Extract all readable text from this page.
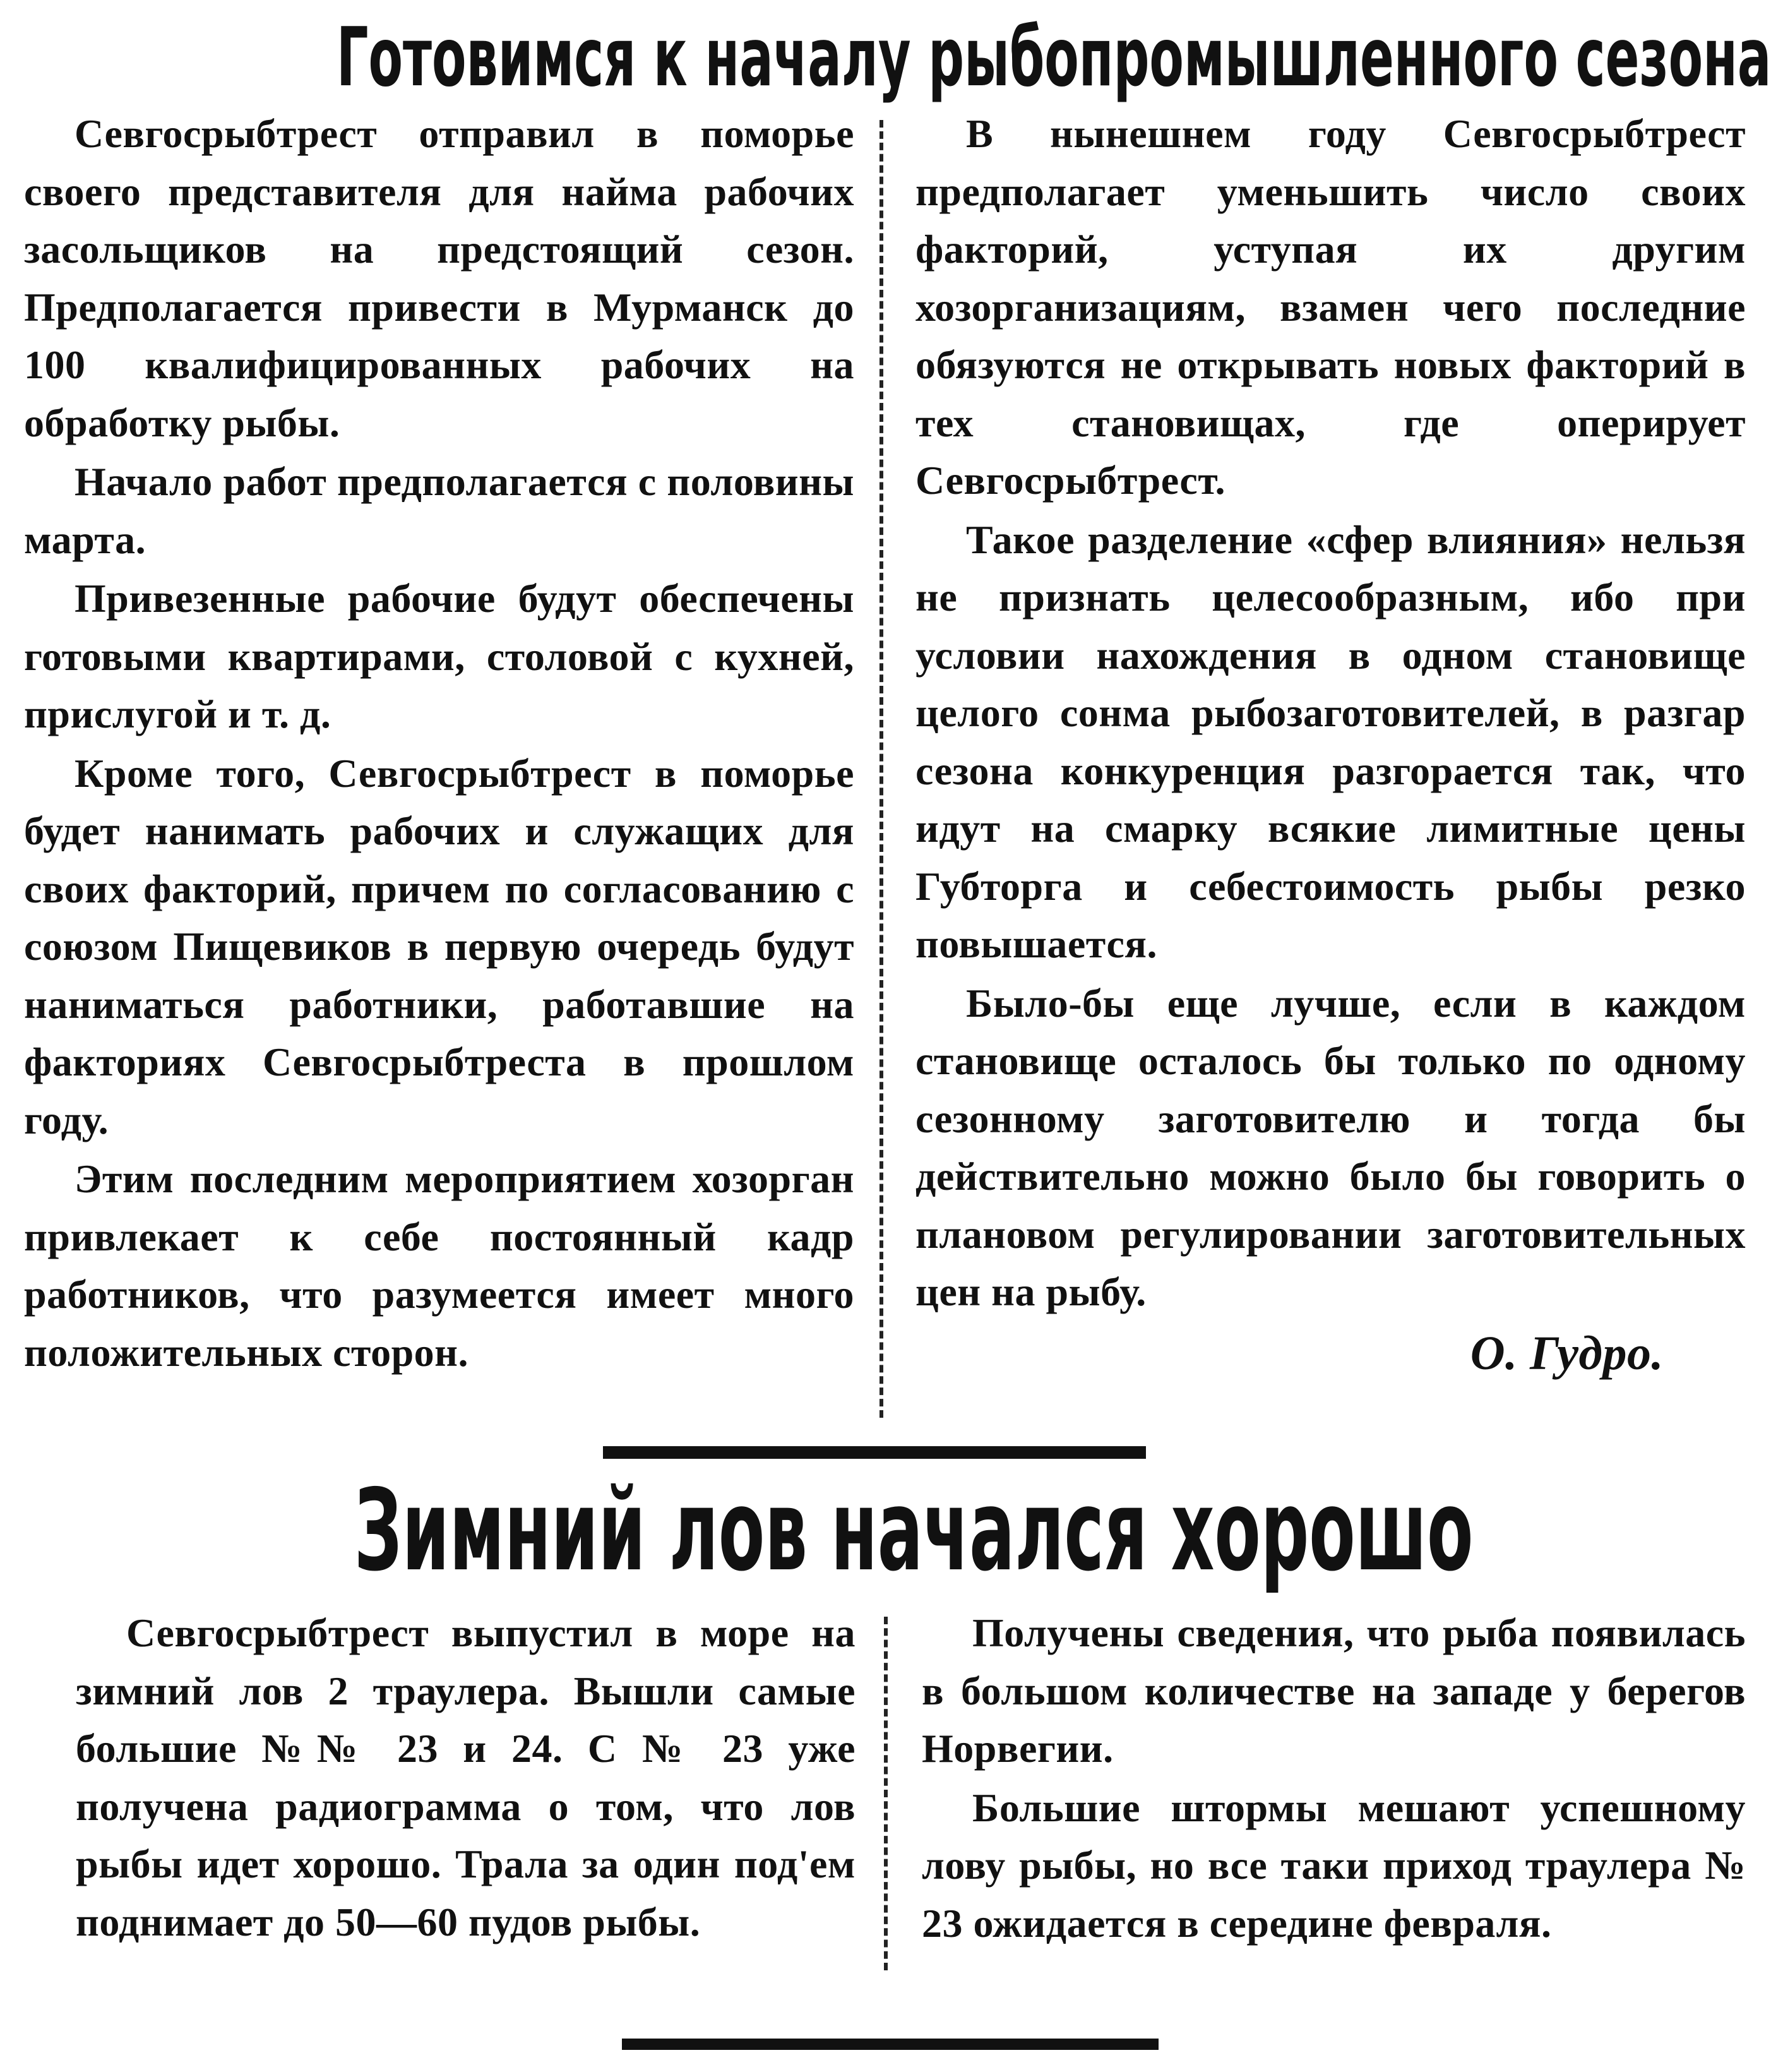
Готовимся к началу рыбопромышленного сезона

Севгосрыбтрест отправил в поморье своего представителя для найма рабочих засольщиков на предстоящий сезон. Предполагается привести в Мурманск до 100 квалифицированных рабочих на обработку рыбы.

Начало работ предполагается с половины марта.

Привезенные рабочие будут обеспечены готовыми квартирами, столовой с кухней, прислугой и т. д.

Кроме того, Севгосрыбтрест в поморье будет нанимать рабочих и служащих для своих факторий, причем по согласованию с союзом Пищевиков в первую очередь будут наниматься работники, работавшие на факториях Севгосрыбтреста в прошлом году.

Этим последним мероприятием хозорган привлекает к себе постоянный кадр работников, что разумеется имеет много положительных сторон.

В нынешнем году Севгосрыбтрест предполагает уменьшить число своих факторий, уступая их другим хозорганизациям, взамен чего последние обязуются не открывать новых факторий в тех становищах, где оперирует Севгосрыбтрест.

Такое разделение «сфер влияния» нельзя не признать целесообразным, ибо при условии нахождения в одном становище целого сонма рыбозаготовителей, в разгар сезона конкуренция разгорается так, что идут на смарку всякие лимитные цены Губторга и себестоимость рыбы резко повышается.

Было-бы еще лучше, если в каждом становище осталось бы только по одному сезонному заготовителю и тогда бы действительно можно было бы говорить о плановом регулировании заготовительных цен на рыбу.

О. Гудро.
Зимний лов начался хорошо

Севгосрыбтрест выпустил в море на зимний лов 2 траулера. Вышли самые большие №№ 23 и 24. С № 23 уже получена радиограмма о том, что лов рыбы идет хорошо. Трала за один под'ем поднимает до 50—60 пудов рыбы.

Получены сведения, что рыба появилась в большом количестве на западе у берегов Норвегии.

Большие штормы мешают успешному лову рыбы, но все таки приход траулера № 23 ожидается в середине февраля.
